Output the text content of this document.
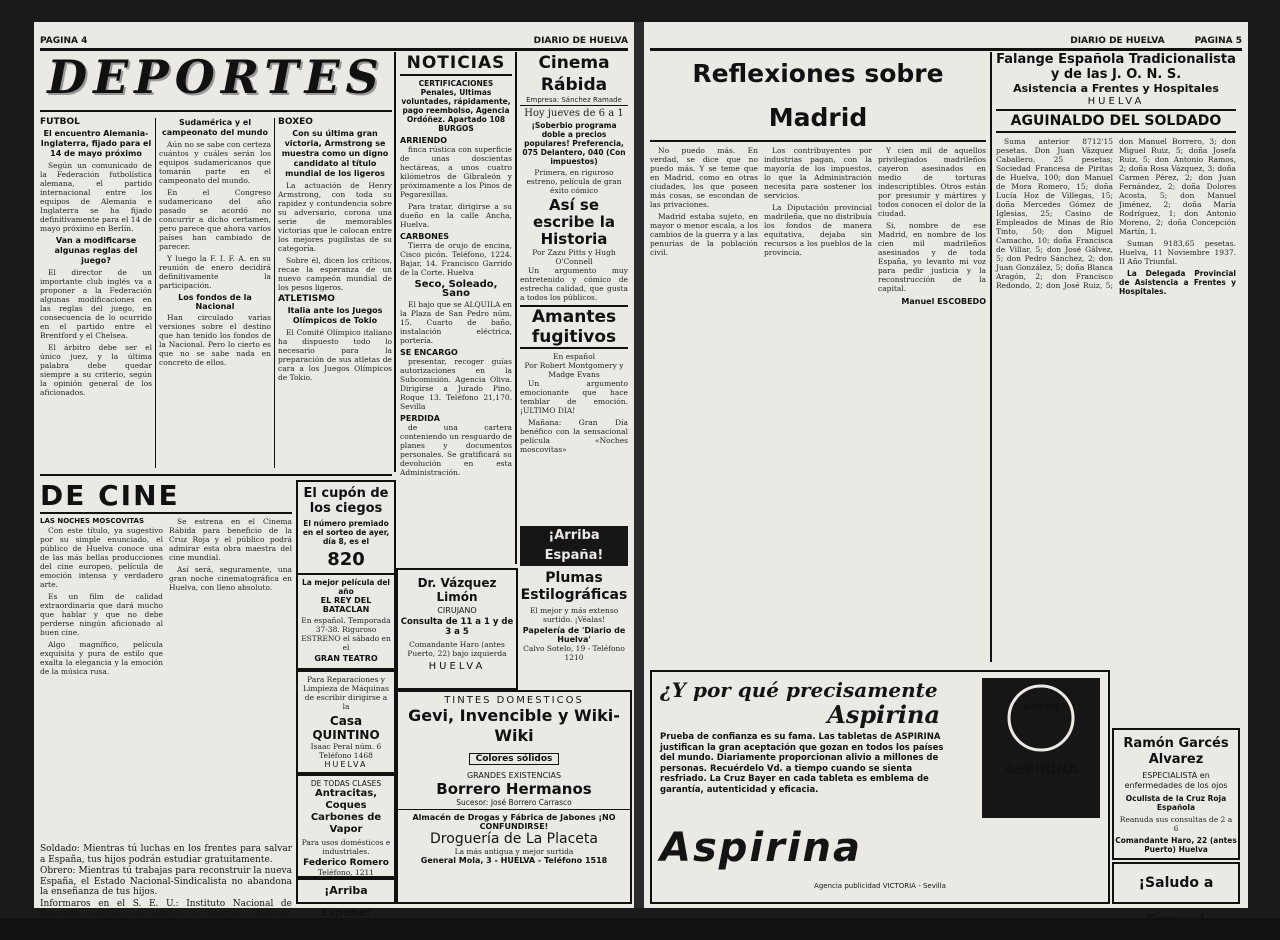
PAGINA 4	DIARIO DE HUELVA
DEPORTES
FUTBOL
El encuentro Alemania-Inglaterra, fijado para el 14 de mayo próximo

Según un comunicado de la Federación futbolística alemana, el partido internacional entre los equipos de Alemania e Inglaterra se ha fijado definitivamente para el 14 de mayo próximo en Berlín.

Van a modificarse algunas reglas del juego?

El director de un importante club inglés va a proponer a la Federación algunas modificaciones en las reglas del juego, en consecuencia de lo ocurrido en el partido entre el Brentford y el Chelsea.

El árbitro debe ser el único juez, y la última palabra debe quedar siempre a su criterio, según la opinión general de los aficionados.

Sudamérica y el campeonato del mundo

Aún no se sabe con certeza cuántos y cuáles serán los equipos sudamericanos que tomarán parte en el campeonato del mundo.

En el Congreso sudamericano del año pasado se acordó no concurrir a dicho certamen, pero parece que ahora varios países han cambiado de parecer.

Y luego la F. I. F. A. en su reunión de enero decidirá definitivamente la participación.

Los fondos de la Nacional

Han circulado varias versiones sobre el destino que han tenido los fondos de la Nacional. Pero lo cierto es que no se sabe nada en concreto de ellos.

BOXEO
Con su última gran victoria, Armstrong se muestra como un digno candidato al título mundial de los ligeros

La actuación de Henry Armstrong, con toda su rapidez y contundencia sobre su adversario, corona una serie de memorables victorias que le colocan entre los mejores pugilistas de su categoría.

Sobre él, dicen los críticos, recae la esperanza de un nuevo campeón mundial de los pesos ligeros.

ATLETISMO
Italia ante los Juegos Olímpicos de Tokio

El Comité Olímpico italiano ha dispuesto todo lo necesario para la preparación de sus atletas de cara a los Juegos Olímpicos de Tokio.

NOTICIAS
CERTIFICACIONES Penales, Ultimas voluntades, rápidamente, pago reembolso, Agencia Ordóñez. Apartado 108 BURGOS
ARRIENDO

finca rústica con superficie de unas doscientas hectáreas, a unos cuatro kilómetros de Gibraleón y próximamente a los Pinos de Pegaresillas.

Para tratar, dirigirse a su dueño en la calle Ancha, Huelva.

CARBONES

Tierra de orujo de encina, Cisco picón. Teléfono, 1224. Bajar, 14. Francisco Garrido de la Corte. Huelva

Seco, Soleado, Sano

El bajo que se ALQUILA en la Plaza de San Pedro núm. 15. Cuarto de baño, instalación eléctrica, portería.

SE ENCARGO

presentar, recoger guías autorizaciones en la Subcomisión. Agencia Oliva. Dirigirse a Jurado Pino, Roque 13. Teléfono 21,170. Sevilla

PERDIDA

de una cartera conteniendo un resguardo de planes y documentos personales. Se gratificará su devolución en esta Administración.

Cinema Rábida
Empresa: Sánchez Ramade
Hoy jueves de 6 a 1
¡Soberbio programa doble a precios populares! Preferencia, 075 Delantero, 040 (Con impuestos)
Primera, en riguroso estreno, película de gran éxito cómico
Así se escribe la Historia
Por Zazu Pitts y Hugh O'Connell

Un argumento muy entretenido y cómico de estrecha calidad, que gusta a todos los públicos.

Amantes fugitivos
En español
Por Robert Montgomery y Madge Evans

Un argumento emocionante que hace temblar de emoción. ¡ULTIMO DIA!

Mañana: Gran Día benéfico con la sensacional película «Noches moscovitas»

DE CINE
LAS NOCHES MOSCOVITAS

Con este título, ya sugestivo por su simple enunciado, el público de Huelva conoce una de las más bellas producciones del cine europeo, película de emoción intensa y verdadero arte.

Es un film de calidad extraordinaria que dará mucho que hablar y que no debe perderse ningún aficionado al buen cine.

Algo magnífico, película exquisita y pura de estilo que exalta la elegancia y la emoción de la música rusa.

Se estrena en el Cinema Rábida para beneficio de la Cruz Roja y el público podrá admirar esta obra maestra del cine mundial.

Así será, seguramente, una gran noche cinematográfica en Huelva, con lleno absoluto.

El cupón de los ciegos
El número premiado en el sorteo de ayer, día 8, es el
820
La mejor película del año
EL REY DEL BATACLAN
En español. Temporada 37-38. Riguroso ESTRENO el sábado en el
GRAN TEATRO
Dr. Vázquez Limón
CIRUJANO
Consulta de 11 a 1 y de 3 a 5
Comandante Haro (antes Puerto, 22) bajo izquierda
HUELVA
¡Arriba España!
Plumas Estilográficas
El mejor y más extenso surtido. ¡Véalas!
Papelería de 'Diario de Huelva'
Calvo Sotelo, 19 - Teléfono 1210
Para Reparaciones y Limpieza de Máquinas de escribir dirigirse a la
Casa QUINTINO
Isaac Peral núm. 6
Teléfono 1468
HUELVA
DE TODAS CLASES
Antracitas, Coques Carbones de Vapor
Para usos domésticos e industriales.
Federico Romero
Teléfono, 1211
¡Arriba España!
TINTES DOMESTICOS
Gevi, Invencible y Wiki-Wiki
Colores sólidos
GRANDES EXISTENCIAS
Borrero Hermanos
Sucesor: José Borrero Carrasco
Almacén de Drogas y Fábrica de Jabones ¡NO CONFUNDIRSE!
Droguería de La Placeta
La más antigua y mejor surtida
General Mola, 3 - HUELVA - Teléfono 1518

Soldado: Mientras tú luchas en los frentes para salvar a España, tus hijos podrán estudiar gratuitamente.

Obrero: Mientras tú trabajas para reconstruir la nueva España, el Estado Nacional-Sindicalista no abandona la enseñanza de tus hijos.

Informaros en el S. E. U.: Instituto Nacional de Segunda Enseñanza de Huelva «La Rábida», Paseo de Conquero. Horas de oficina: De 10 a 1.

DIARIO DE HUELVA	PAGINA 5
Reflexiones sobre Madrid

No puedo más. En verdad, se dice que no puedo más. Y se teme que en Madrid, como en otras ciudades, los que poseen más cosas, se escondan de las privaciones.

Madrid estaba sujeto, en mayor o menor escala, a los cambios de la guerra y a las penurias de la población civil.

Los contribuyentes por industrias pagan, con la mayoría de los impuestos, lo que la Administración necesita para sostener los servicios.

La Diputación provincial madrileña, que no distribuía los fondos de manera equitativa, dejaba sin recursos a los pueblos de la provincia.

Y cien mil de aquellos privilegiados madrileños cayeron asesinados en medio de torturas indescriptibles. Otros están por presumir y mártires y todos conocen el dolor de la ciudad.

Si, nombre de ese Madrid, en nombre de los cien mil madrileños asesinados y de toda España, yo levanto mi voz para pedir justicia y la reconstrucción de la capital.

Manuel ESCOBEDO
Falange Española Tradicionalista y de las J. O. N. S.
Asistencia a Frentes y Hospitales
HUELVA
AGUINALDO DEL SOLDADO

Suma anterior 8712'15 pesetas. Don Juan Vázquez Caballero, 25 pesetas; Sociedad Francesa de Piritas de Huelva, 100; don Manuel de Mora Romero, 15; doña Lucía Hoz de Villegas, 15; doña Mercedes Gómez de Iglesias, 25; Casino de Empleados de Minas de Río Tinto, 50; don Miguel Camacho, 10; doña Francisca de Villar, 5; don José Gálvez, 5; don Pedro Sánchez, 2; don Juan González, 5; doña Blanca Aragón, 2; don Francisco Redondo, 2; don José Ruiz, 5; don Manuel Borrero, 3; don Miguel Ruiz, 5; doña Josefa Ruiz, 5; don Antonio Ramos, 2; doña Rosa Vázquez, 3; doña Carmen Pérez, 2; don Juan Fernández, 2; doña Dolores Acosta, 5; don Manuel Jiménez, 2; doña María Rodríguez, 1; don Antonio Moreno, 2; doña Concepción Martín, 1.

Suman 9183,65 pesetas. Huelva, 11 Noviembre 1937. II Año Triunfal.

La Delegada Provincial de Asistencia a Frentes y Hospitales.

¿Y por qué precisamente
Aspirina
Prueba de confianza es su fama. Las tabletas de ASPIRINA justifican la gran aceptación que gozan en todos los países del mundo. Diariamente proporcionan alivio a millones de personas. Recuérdelo Vd. a tiempo cuando se sienta resfriado. La Cruz Bayer en cada tableta es emblema de garantía, autenticidad y eficacia.
BAYER
ASPIRINA
Aspirina
Agencia publicidad VICTORIA - Sevilla
Ramón Garcés Alvarez
ESPECIALISTA en enfermedades de los ojos
Oculista de la Cruz Roja Española
Reanuda sus consultas de 2 a 6
Comandante Haro, 22 (antes Puerto) Huelva
¡Saludo a Franco!
